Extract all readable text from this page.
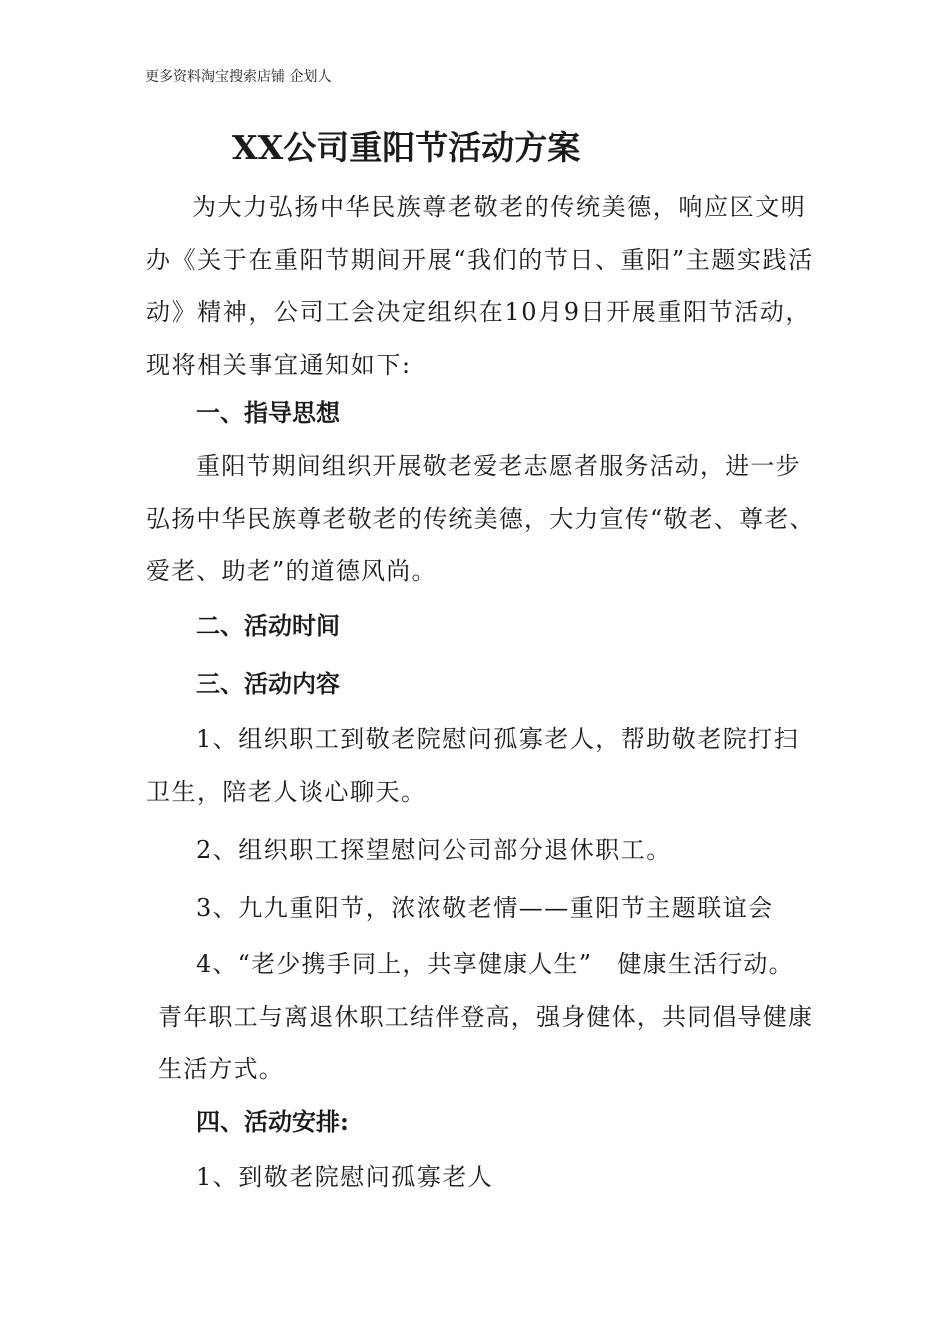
更多资料淘宝搜索店铺 企划人
XX公司重阳节活动方案

为大力弘扬中华民族尊老敬老的传统美德，响应区文明办《关于在重阳节期间开展“我们的节日、重阳”主题实践活动》精神，公司工会决定组织在10月9日开展重阳节活动，现将相关事宜通知如下:

一、指导思想

重阳节期间组织开展敬老爱老志愿者服务活动，进一步弘扬中华民族尊老敬老的传统美德，大力宣传“敬老、尊老、爱老、助老”的道德风尚。

二、活动时间
三、活动内容

1、组织职工到敬老院慰问孤寡老人，帮助敬老院打扫卫生，陪老人谈心聊天。

2、组织职工探望慰问公司部分退休职工。

3、九九重阳节，浓浓敬老情——重阳节主题联谊会

4、“老少携手同上，共享健康人生”　健康生活行动。青年职工与离退休职工结伴登高，强身健体，共同倡导健康生活方式。

四、活动安排:

1、到敬老院慰问孤寡老人
